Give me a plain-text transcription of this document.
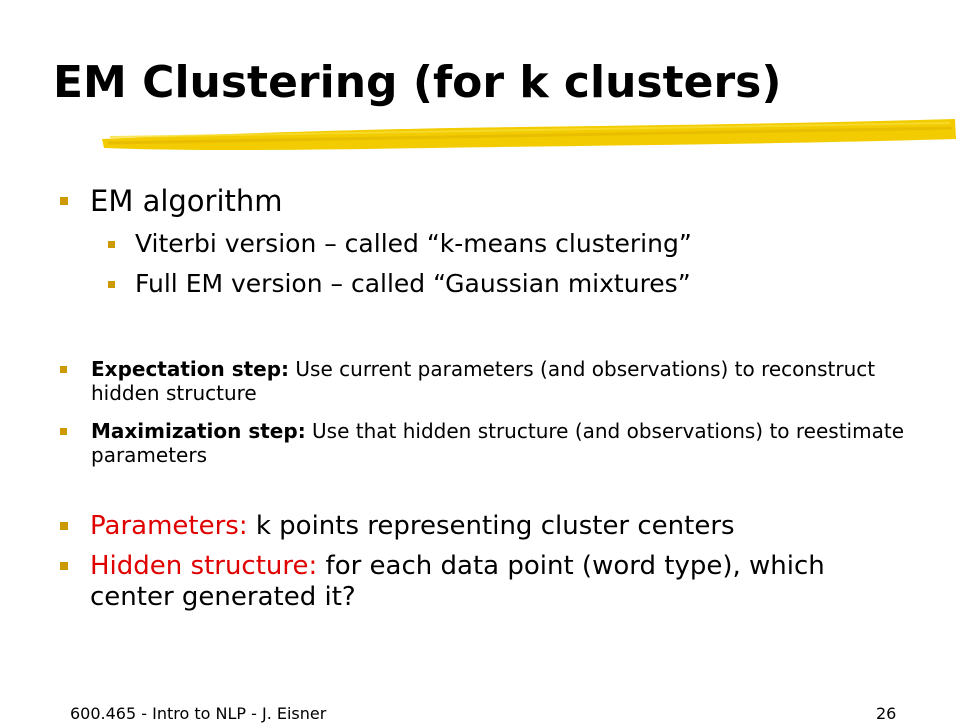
EM Clustering (for k clusters)
EM algorithm
Viterbi version – called “k-means clustering”
Full EM version – called “Gaussian mixtures”
Expectation step: Use current parameters (and observations) to reconstruct hidden structure
Maximization step: Use that hidden structure (and observations) to reestimate parameters
Parameters: k points representing cluster centers
Hidden structure: for each data point (word type), which center generated it?
600.465 - Intro to NLP - J. Eisner	26
